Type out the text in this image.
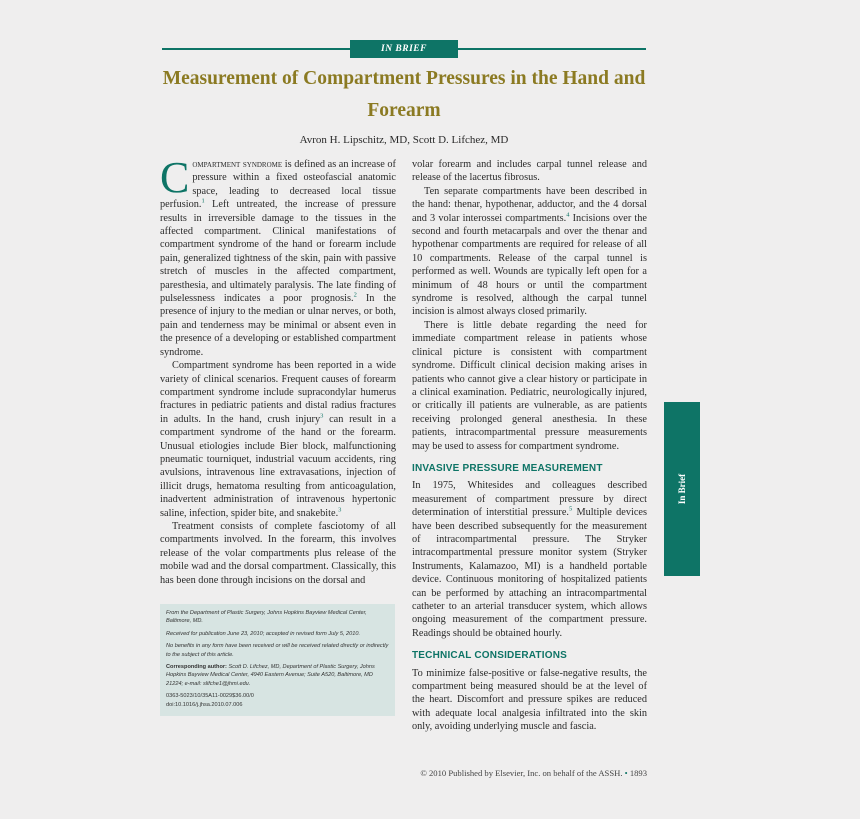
IN BRIEF
Measurement of Compartment Pressures in the Hand and Forearm
Avron H. Lipschitz, MD, Scott D. Lifchez, MD

Compartment syndrome is defined as an increase of pressure within a fixed osteofascial anatomic space, leading to decreased local tissue perfusion.$^1$ Left untreated, the increase of pressure results in irreversible damage to the tissues in the affected compartment. Clinical manifestations of compartment syndrome of the hand or forearm include pain, generalized tightness of the skin, pain with passive stretch of muscles in the affected compartment, paresthesia, and ultimately paralysis. The late finding of pulselessness indicates a poor prognosis.$^2$ In the presence of injury to the median or ulnar nerves, or both, pain and tenderness may be minimal or absent even in the presence of a developing or established compartment syndrome.

Compartment syndrome has been reported in a wide variety of clinical scenarios. Frequent causes of forearm compartment syndrome include supracondylar humerus fractures in pediatric patients and distal radius fractures in adults. In the hand, crush injury$^3$ can result in a compartment syndrome of the hand or the forearm. Unusual etiologies include Bier block, malfunctioning pneumatic tourniquet, industrial vacuum accidents, ring avulsions, intravenous line extravasations, injection of illicit drugs, hematoma resulting from anticoagulation, inadvertent administration of intravenous hypertonic saline, infection, spider bite, and snakebite.$^3$

Treatment consists of complete fasciotomy of all compartments involved. In the forearm, this involves release of the volar compartments plus release of the mobile wad and the dorsal compartment. Classically, this has been done through incisions on the dorsal and

From the Department of Plastic Surgery, Johns Hopkins Bayview Medical Center, Baltimore, MD.

Received for publication June 23, 2010; accepted in revised form July 5, 2010.

No benefits in any form have been received or will be received related directly or indirectly to the subject of this article.

Corresponding author: Scott D. Lifchez, MD, Department of Plastic Surgery, Johns Hopkins Bayview Medical Center, 4940 Eastern Avenue; Suite A520, Baltimore, MD 21224; e-mail: slifche1@jhmi.edu.

0363-5023/10/35A11-0029$36.00/0

doi:10.1016/j.jhsa.2010.07.006

volar forearm and includes carpal tunnel release and release of the lacertus fibrosus.

Ten separate compartments have been described in the hand: thenar, hypothenar, adductor, and the 4 dorsal and 3 volar interossei compartments.$^4$ Incisions over the second and fourth metacarpals and over the thenar and hypothenar compartments are required for release of all 10 compartments. Release of the carpal tunnel is performed as well. Wounds are typically left open for a minimum of 48 hours or until the compartment syndrome is resolved, although the carpal tunnel incision is almost always closed primarily.

There is little debate regarding the need for immediate compartment release in patients whose clinical picture is consistent with compartment syndrome. Difficult clinical decision making arises in patients who cannot give a clear history or participate in a clinical examination. Pediatric, neurologically injured, or critically ill patients are vulnerable, as are patients receiving prolonged general anesthesia. In these patients, intracompartmental pressure measurements may be used to assess for compartment syndrome.

INVASIVE PRESSURE MEASUREMENT

In 1975, Whitesides and colleagues described measurement of compartment pressure by direct determination of interstitial pressure.$^5$ Multiple devices have been described subsequently for the measurement of intracompartmental pressure. The Stryker intracompartmental pressure monitor system (Stryker Instruments, Kalamazoo, MI) is a handheld portable device. Continuous monitoring of hospitalized patients can be performed by attaching an intracompartmental catheter to an arterial transducer system, which allows ongoing measurement of the compartment pressure. Readings should be obtained hourly.

TECHNICAL CONSIDERATIONS

To minimize false-positive or false-negative results, the compartment being measured should be at the level of the heart. Discomfort and pressure spikes are reduced with adequate local analgesia infiltrated into the skin only, avoiding underlying muscle and fascia.

In Brief
© 2010 Published by Elsevier, Inc. on behalf of the ASSH. • 1893
